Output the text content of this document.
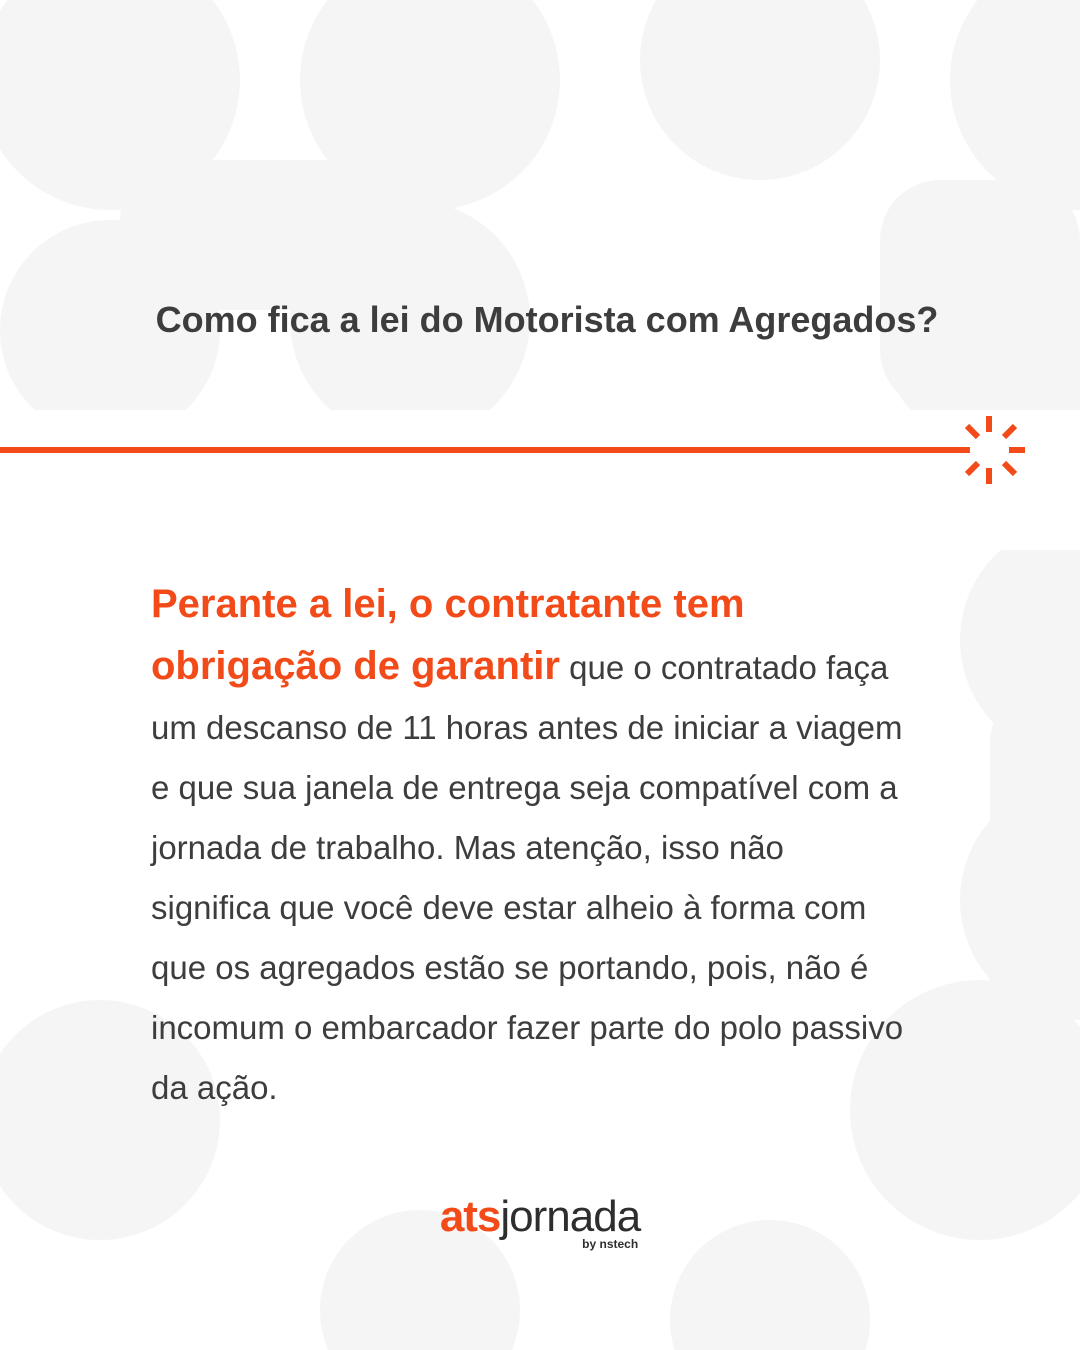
Como fica a lei do Motorista com Agregados?

Perante a lei, o contratante tem obrigação de garantir que o contratado faça um descanso de 11 horas antes de iniciar a viagem e que sua janela de entrega seja compatível com a jornada de trabalho. Mas atenção, isso não significa que você deve estar alheio à forma com que os agregados estão se portando, pois, não é incomum o embarcador fazer parte do polo passivo da ação.

atsjornada
by nstech
